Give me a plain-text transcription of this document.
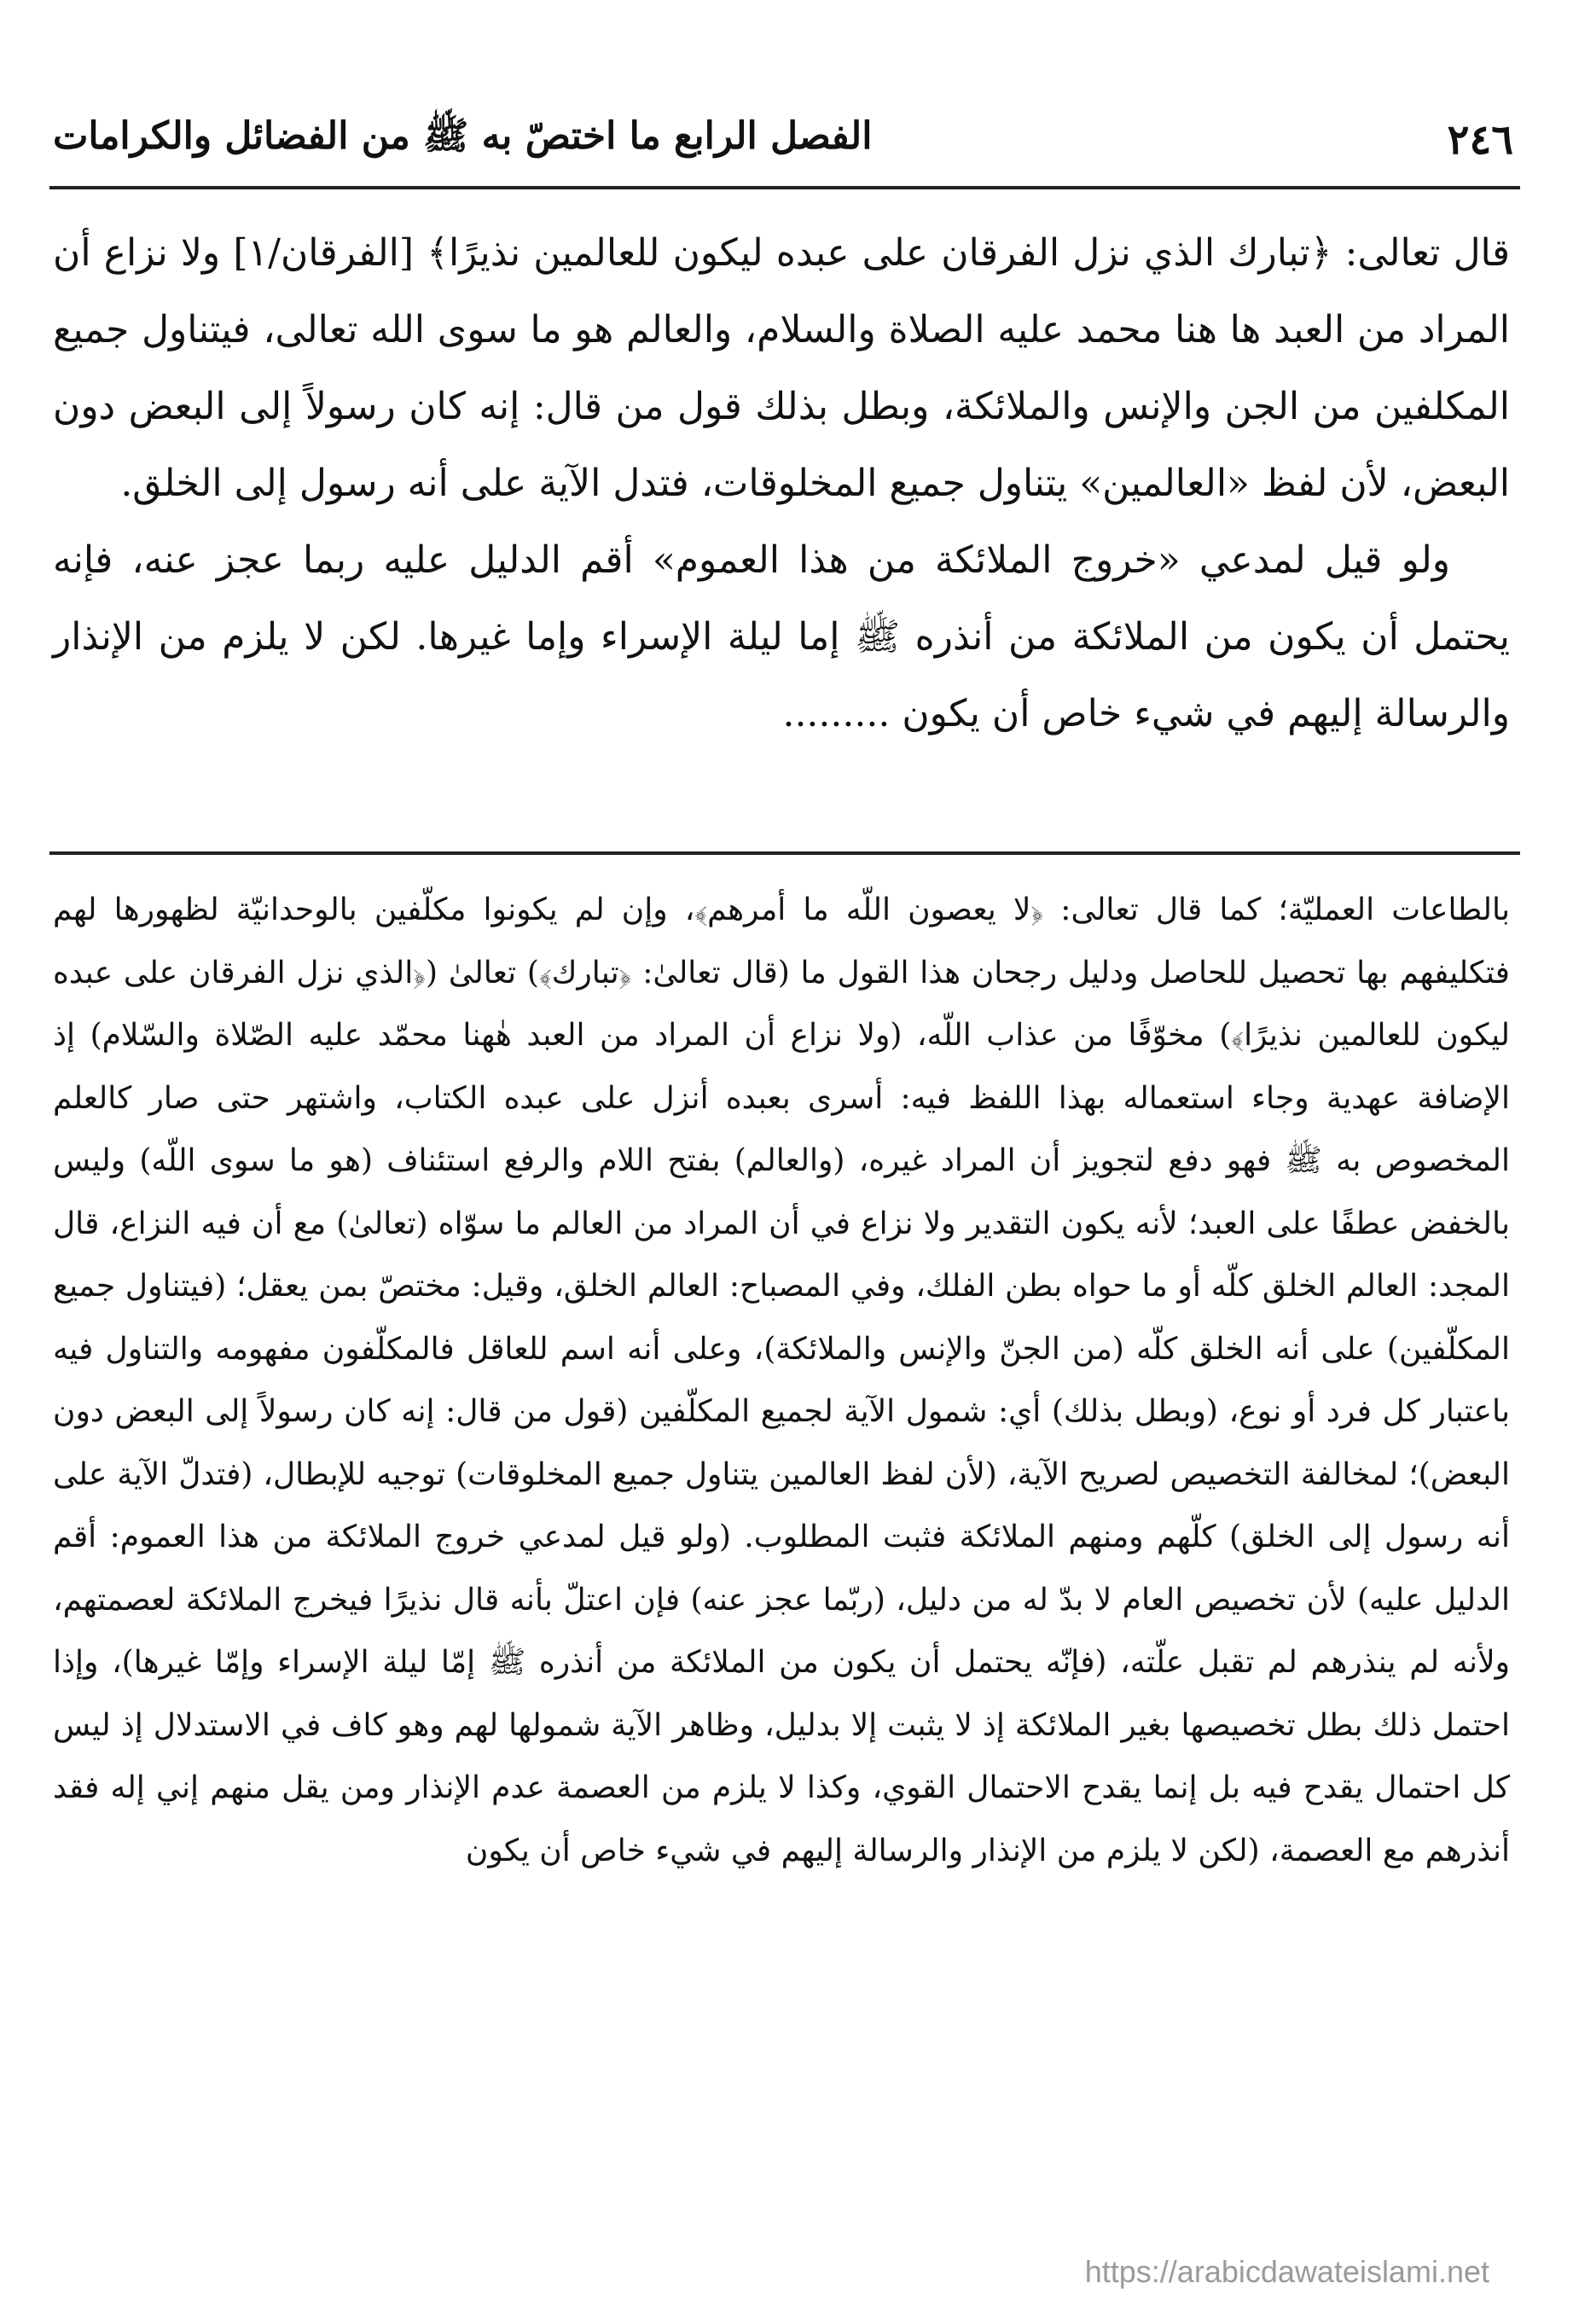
٢٤٦
الفصل الرابع ما اختصّ به ﷺ من الفضائل والكرامات

قال تعالى: ﴿تبارك الذي نزل الفرقان على عبده ليكون للعالمين نذيرًا﴾ [الفرقان/١] ولا نزاع أن المراد من العبد ها هنا محمد عليه الصلاة والسلام، والعالم هو ما سوى الله تعالى، فيتناول جميع المكلفين من الجن والإنس والملائكة، وبطل بذلك قول من قال: إنه كان رسولاً إلى البعض دون البعض، لأن لفظ «العالمين» يتناول جميع المخلوقات، فتدل الآية على أنه رسول إلى الخلق.

ولو قيل لمدعي «خروج الملائكة من هذا العموم» أقم الدليل عليه ربما عجز عنه، فإنه يحتمل أن يكون من الملائكة من أنذره ﷺ إما ليلة الإسراء وإما غيرها. لكن لا يلزم من الإنذار والرسالة إليهم في شيء خاص أن يكون .........

بالطاعات العمليّة؛ كما قال تعالى: ﴿لا يعصون اللّه ما أمرهم﴾، وإن لم يكونوا مكلّفين بالوحدانيّة لظهورها لهم فتكليفهم بها تحصيل للحاصل ودليل رجحان هذا القول ما (قال تعالىٰ: ﴿تبارك﴾) تعالىٰ (﴿الذي نزل الفرقان على عبده ليكون للعالمين نذيرًا﴾) مخوّفًا من عذاب اللّه، (ولا نزاع أن المراد من العبد هٰهنا محمّد عليه الصّلاة والسّلام) إذ الإضافة عهدية وجاء استعماله بهذا اللفظ فيه: أسرى بعبده أنزل على عبده الكتاب، واشتهر حتى صار كالعلم المخصوص به ﷺ فهو دفع لتجويز أن المراد غيره، (والعالم) بفتح اللام والرفع استئناف (هو ما سوى اللّه) وليس بالخفض عطفًا على العبد؛ لأنه يكون التقدير ولا نزاع في أن المراد من العالم ما سوّاه (تعالىٰ) مع أن فيه النزاع، قال المجد: العالم الخلق كلّه أو ما حواه بطن الفلك، وفي المصباح: العالم الخلق، وقيل: مختصّ بمن يعقل؛ (فيتناول جميع المكلّفين) على أنه الخلق كلّه (من الجنّ والإنس والملائكة)، وعلى أنه اسم للعاقل فالمكلّفون مفهومه والتناول فيه باعتبار كل فرد أو نوع، (وبطل بذلك) أي: شمول الآية لجميع المكلّفين (قول من قال: إنه كان رسولاً إلى البعض دون البعض)؛ لمخالفة التخصيص لصريح الآية، (لأن لفظ العالمين يتناول جميع المخلوقات) توجيه للإبطال، (فتدلّ الآية على أنه رسول إلى الخلق) كلّهم ومنهم الملائكة فثبت المطلوب. (ولو قيل لمدعي خروج الملائكة من هذا العموم: أقم الدليل عليه) لأن تخصيص العام لا بدّ له من دليل، (ربّما عجز عنه) فإن اعتلّ بأنه قال نذيرًا فيخرج الملائكة لعصمتهم، ولأنه لم ينذرهم لم تقبل علّته، (فإنّه يحتمل أن يكون من الملائكة من أنذره ﷺ إمّا ليلة الإسراء وإمّا غيرها)، وإذا احتمل ذلك بطل تخصيصها بغير الملائكة إذ لا يثبت إلا بدليل، وظاهر الآية شمولها لهم وهو كاف في الاستدلال إذ ليس كل احتمال يقدح فيه بل إنما يقدح الاحتمال القوي، وكذا لا يلزم من العصمة عدم الإنذار ومن يقل منهم إني إله فقد أنذرهم مع العصمة، (لكن لا يلزم من الإنذار والرسالة إليهم في شيء خاص أن يكون

https://arabicdawateislami.net
